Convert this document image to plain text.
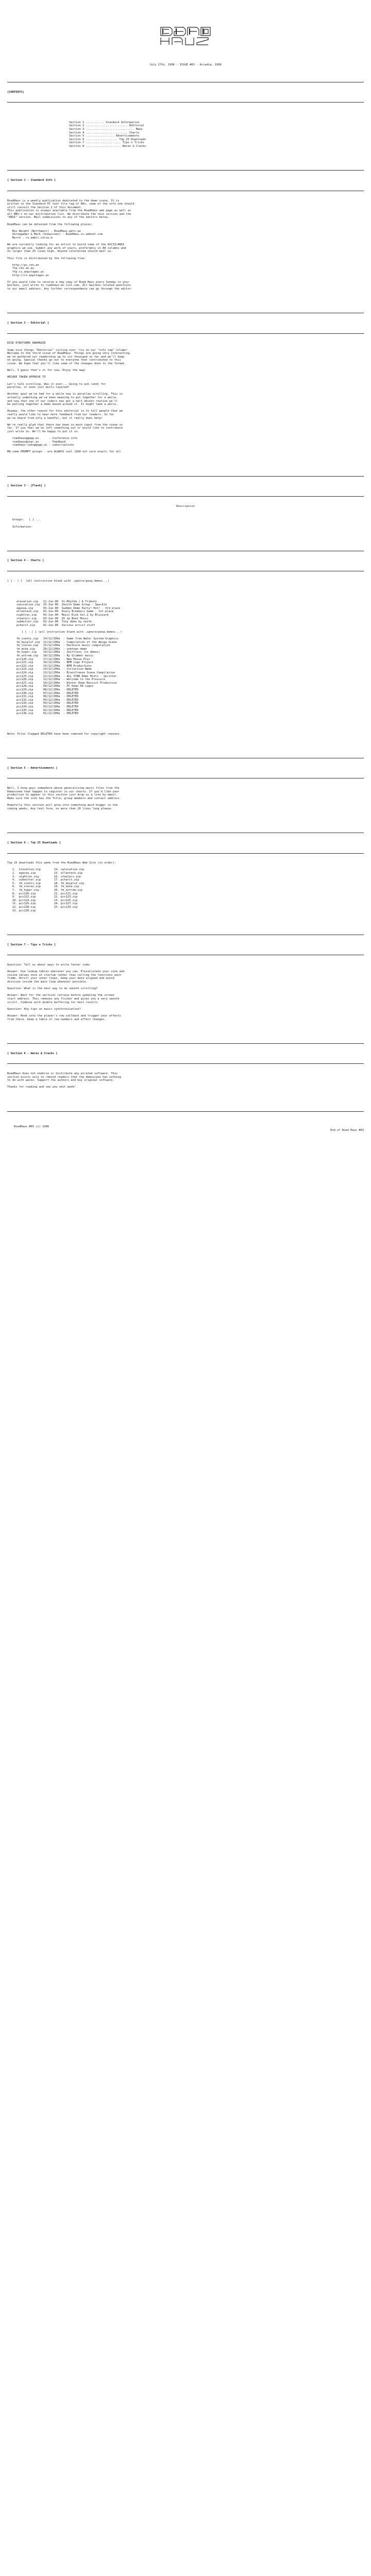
July 27th, 1996 - ISSUE #03 - Arcadia, 1996

[CONTENTS]

Section 1 ........... Standard Information
Section 2 ......................... Editorial
Section 3 ............................. News
Section 4 ......................... Charts
Section 5 ................. Advertisements
Section 6 ................... Top 25 Downloads
Section 7 ..................... Tips n Tricks
Section 8 ..................... Warez & Cracks

[ Section 1 - Standard Info ]

RoadHaus is a weekly publication dedicated to the demo scene. It is
written in the Standard PC text file tag of 80x, some of the info one should
still consult the Section 2 of this document.
This publication is always available from the RoadHaus web page as well as
all BBS's on our distribution list. We distribute the text version and the
"ANSI" version. Mail submissions to any of the editors below.
RoadHaus can be obtained from the following places:
Bus Weight (Northwest) - RoadHaus.gets.ue
Vernagamet & Mark (Snowcreat) - RoadHaus.vs.webnet.com
Myrrh - ro.ambil.colse.m
We are currently looking for an artist to build some of the ASCII/ANSI
graphics we use. Submit any work of yours, preferably in 80 columns and
no larger than 25 lines high. Anyone interested should mail us.
This file is distributed by the following fine:
http://ps.ren.an
ftp.ren.an.au
ftp.cs.anpitages.ac
http://ro.anpitages.ac
If you would like to receive a new copy of Road Haus every Sunday in your
mailbox, just write to roadhaus-at-list.com. All mailbox-related questions
to our email address. Any further correspondence can go through the editor.

[ Section 2 - Editorial ]

RISE EYNSTORMS KNAMAAZE
Some nice things "Editorial" sitting over 'tis on our "info tag" column!
Welcome to the third issue of RoadHaus. Things are going very interesting,
we've gathered our readership up to six thousand so far and we'll keep
on going. Special thanks go out to everyone that contributed to this
issue. We hope that you'll like some of the changes done to the format.
Well, I guess that's it for now, Enjoy the mag!
ARCADE TAKEN APPROVE TO
Let's talk scrolling. Was it ever... Going to ask (and) for
parallax, or even just multi-layered?
Another goal we've had for a while now is parallax scrolling. This is
actually something we've been meaning to put together for a while,
and now that one of our coders has got a half decent routine we'll
be putting together a demo based around it. It might take a while.
Anyway, the other reason for this editorial is to tell people that we
really would like to hear more feedback from our readers. So far
we've heard from only a handful, but it really does help!
We're really glad that there has been so much input from the scene so
far. If you feel we've left something out or would like to contribute
just write in. We'll be happy to put it in.
roadhaus@gapp.ac      - Conference info
roadhaus@user.ac      - Feedback
roadhaus-subs@gapp.ac - subscriptions
RN.come PROMPT groups - are ALWAYS cool (UGH not sure exact) for all

[ Section 3 - [Flash] ]

Description

Groups:   [ ] ...
Information:

[ Section 4 - Charts ]

[ ] - [ ]  (all instruction blank with .ignore/pesp.demos...)

elevation.zip   11-Jun-00  Vi-Rhythm / A Tribute
saturation.zip  15-Jun-00  Zenith Demo Group - Sparkle
egasea.zip      03-Jun-00  Sudden Demo Party! Hot! - 3rd place
ellentech.zip   01-Jun-00  Diary Breakers Game - 1st place
nightrec.zip    03-Jun-00  Music Disk Vol.2 by Blizzard
stealers.zip    03-Jun-00  XX sp Boat Music
submitter.zip   02-Jun-00  Tiny demo by nosfe
pcharit.zip     01-Jun-00  Various artist stuff
[ ] - [ ] (all instruction blank with .ignore/pesp.demos...)
fm_ssenti.zip   14/12/200a  - Game from Water System Graphics
fm_muspluf.zip  21/12/200a  - Compilation of the Amiga Scene
fm_stereo.zip   15/12/200a  - Hardcore music compilation
fm_mike.zip     20/12/200a  - unknown demo
fm_hyper.zip    19/12/200a  - Shirtless (in demos)
fm_extrem.zip   18/12/200a  - By Glimmer music
pcc120.zip      17/12/200a  - New Mouse Plus
pcc121.zip      16/12/200a  - BPM Logo Project
pcc122.zip      15/12/200a  - BPM Productions
pcc123.zip      14/12/200a  - Collection Name
pcc124.zip      13/12/200a  - Brainfreeze Scene Compilation
pcc125.zip      12/12/200a  - ALL STAR Demo Hints - Sprinter
pcc126.zip      11/12/200a  - Welcome to the Pressure
pcc127.zip      10/12/200a  - Winter Demo Revisit Production
pcc128.zip      09/12/200a  - PC Demo 96 Logos
pcc129.zip      08/12/200a  - DELETED
pcc130.zip      07/12/200a  - DELETED
pcc131.zip      06/12/200a  - DELETED
pcc132.zip      05/12/200a  - DELETED
pcc133.zip      04/12/200a  - DELETED
pcc134.zip      03/12/200a  - DELETED
pcc135.zip      02/12/200a  - DELETED
pcc136.zip      01/12/200a  - DELETED

Note: Files flagged DELETED have been removed for copyright reasons.

[ Section 5 - Advertisements ]

Well, I know guys somewhere above generalising music files from the
Demoscene that happen to register in our charts. If you'd like your
production to appear in this section just drop us a line by email.
Make sure the info has the Title, group members and contact address.
Hopefully this section will grow into something much bigger in the
coming weeks. Any text form, no more than 20 lines long please.

[ Section 6 - Top 25 Downloads ]

Top 25 downloads this week from the RoadHaus Web Site (in order):
1.  elevation.zip        14. saturation.zip
2.  egasea.zip           15. ellentech.zip
3.  nightrec.zip         16. stealers.zip
4.  submitter.zip        17. pcharit.zip
5.  fm_ssenti.zip        18. fm_muspluf.zip
6.  fm_stereo.zip        19. fm_mike.zip
7.  fm_hyper.zip         20. fm_extrem.zip
8.  pcc120.zip           21. pcc121.zip
9.  pcc122.zip           22. pcc123.zip
10. pcc124.zip           23. pcc125.zip
11. pcc126.zip           24. pcc127.zip
12. pcc128.zip           25. pcc129.zip
13. pcc130.zip

[ Section 7 - Tips n Tricks ]

Question: Tell us about ways to write faster code.
Answer: Use lookup tables wherever you can. Precalculate your sine and
cosine values once at startup rather than calling the functions each
frame. Unroll your inner loops, keep your data aligned and avoid
division inside the main loop whenever possible.
Question: What is the best way to do smooth scrolling?
Answer: Wait for the vertical retrace before updating the screen
start address. This removes any flicker and gives you a very smooth
scroll. Combine with double buffering for best results.
Question: Any tips on music synchronisation?
Answer: Hook into the player's row callback and trigger your effects
from there. Keep a table of row numbers and effect changes.

[ Section 8 - Warez & Cracks ]

RoadHaus does not endorse or distribute any pirated software. This
section exists only to remind readers that the demoscene has nothing
to do with warez. Support the authors and buy original software.
Thanks for reading and see you next week!

RoadHaus #03 (c) 1996

End of Road Haus #03
